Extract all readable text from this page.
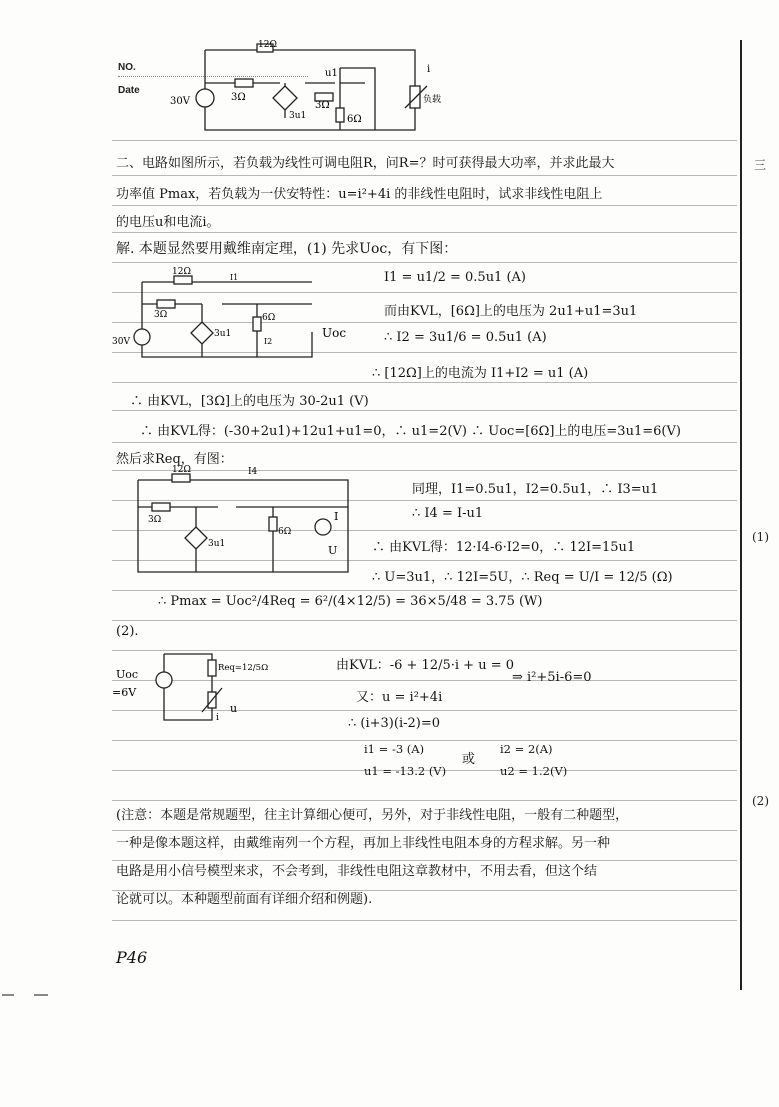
NO.
Date
12Ω
3Ω
3Ω
6Ω
30V
3u1
u1
负载
i
二、电路如图所示，若负载为线性可调电阻R，问R=？时可获得最大功率，并求此最大
功率值 Pmax，若负载为一伏安特性：u=i²+4i 的非线性电阻时，试求非线性电阻上
的电压u和电流i。
解. 本题显然要用戴维南定理，(1) 先求Uoc，有下图：
12Ω
3Ω	6Ω
30V
3u1	Uoc
I1
I2
I1 = u1/2 = 0.5u1 (A)
而由KVL，[6Ω]上的电压为 2u1+u1=3u1
∴ I2 = 3u1/6 = 0.5u1 (A)
∴ [12Ω]上的电流为 I1+I2 = u1 (A)
∴ 由KVL，[3Ω]上的电压为 30-2u1 (V)
∴ 由KVL得：(-30+2u1)+12u1+u1=0，∴ u1=2(V) ∴ Uoc=[6Ω]上的电压=3u1=6(V)
然后求Req，有图：
12Ω
3Ω
6Ω
3u1
I4
I
U
同理，I1=0.5u1，I2=0.5u1，∴ I3=u1
∴ I4 = I-u1
∴ 由KVL得：12·I4-6·I2=0，∴ 12I=15u1
∴ U=3u1，∴ 12I=5U，∴ Req = U/I = 12/5 (Ω)
∴ Pmax = Uoc²/4Req = 6²/(4×12/5) = 36×5/48 = 3.75 (W)
(2).
Uoc
=6V
Req=12/5Ω
u
i
由KVL：-6 + 12/5·i + u = 0
⇒ i²+5i-6=0
又：u = i²+4i
∴ (i+3)(i-2)=0
i1 = -3 (A)
u1 = -13.2 (V)
或
i2 = 2(A)
u2 = 1.2(V)
(注意：本题是常规题型，往主计算细心便可，另外，对于非线性电阻，一般有二种题型，
一种是像本题这样，由戴维南列一个方程，再加上非线性电阻本身的方程求解。另一种
电路是用小信号模型来求，不会考到，非线性电阻这章教材中，不用去看，但这个结
论就可以。本种题型前面有详细介绍和例题).
P46
三
(1)
(2)
